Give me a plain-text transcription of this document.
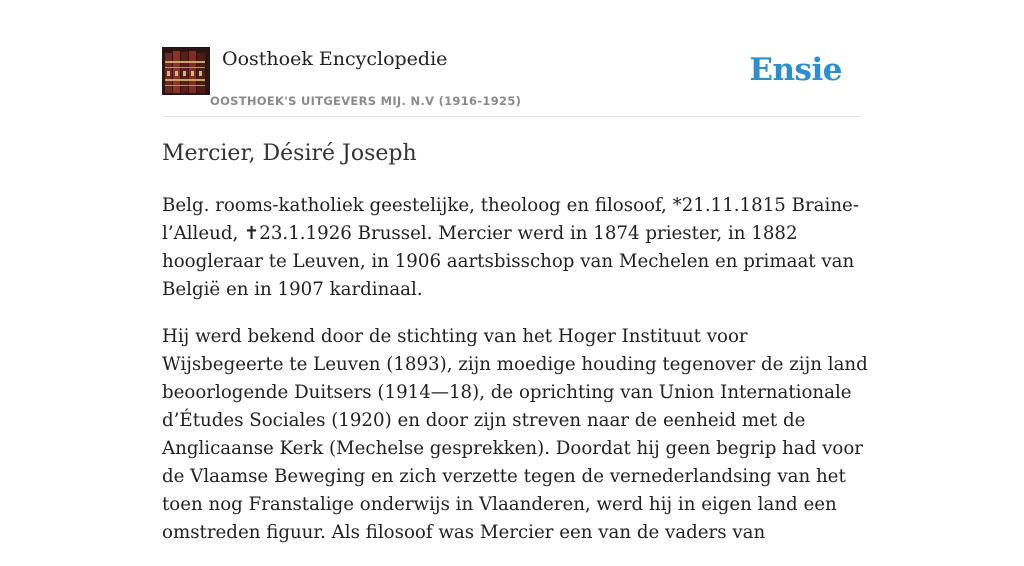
Oosthoek Encyclopedie
OOSTHOEK'S UITGEVERS MIJ. N.V (1916-1925)
Ensie
Mercier, Désiré Joseph

Belg. rooms-katholiek geestelijke, theoloog en filosoof, *21.11.1815 Braine-l’Alleud, ✝23.1.1926 Brussel. Mercier werd in 1874 priester, in 1882 hoogleraar te Leuven, in 1906 aartsbisschop van Mechelen en primaat van België en in 1907 kardinaal.

Hij werd bekend door de stichting van het Hoger Instituut voor Wijsbegeerte te Leuven (1893), zijn moedige houding tegenover de zijn land beoorlogende Duitsers (1914—18), de oprichting van Union Internationale d’Études Sociales (1920) en door zijn streven naar de eenheid met de Anglicaanse Kerk (Mechelse gesprekken). Doordat hij geen begrip had voor de Vlaamse Beweging en zich verzette tegen de vernederlandsing van het toen nog Franstalige onderwijs in Vlaanderen, werd hij in eigen land een omstreden figuur. Als filosoof was Mercier een van de vaders van
